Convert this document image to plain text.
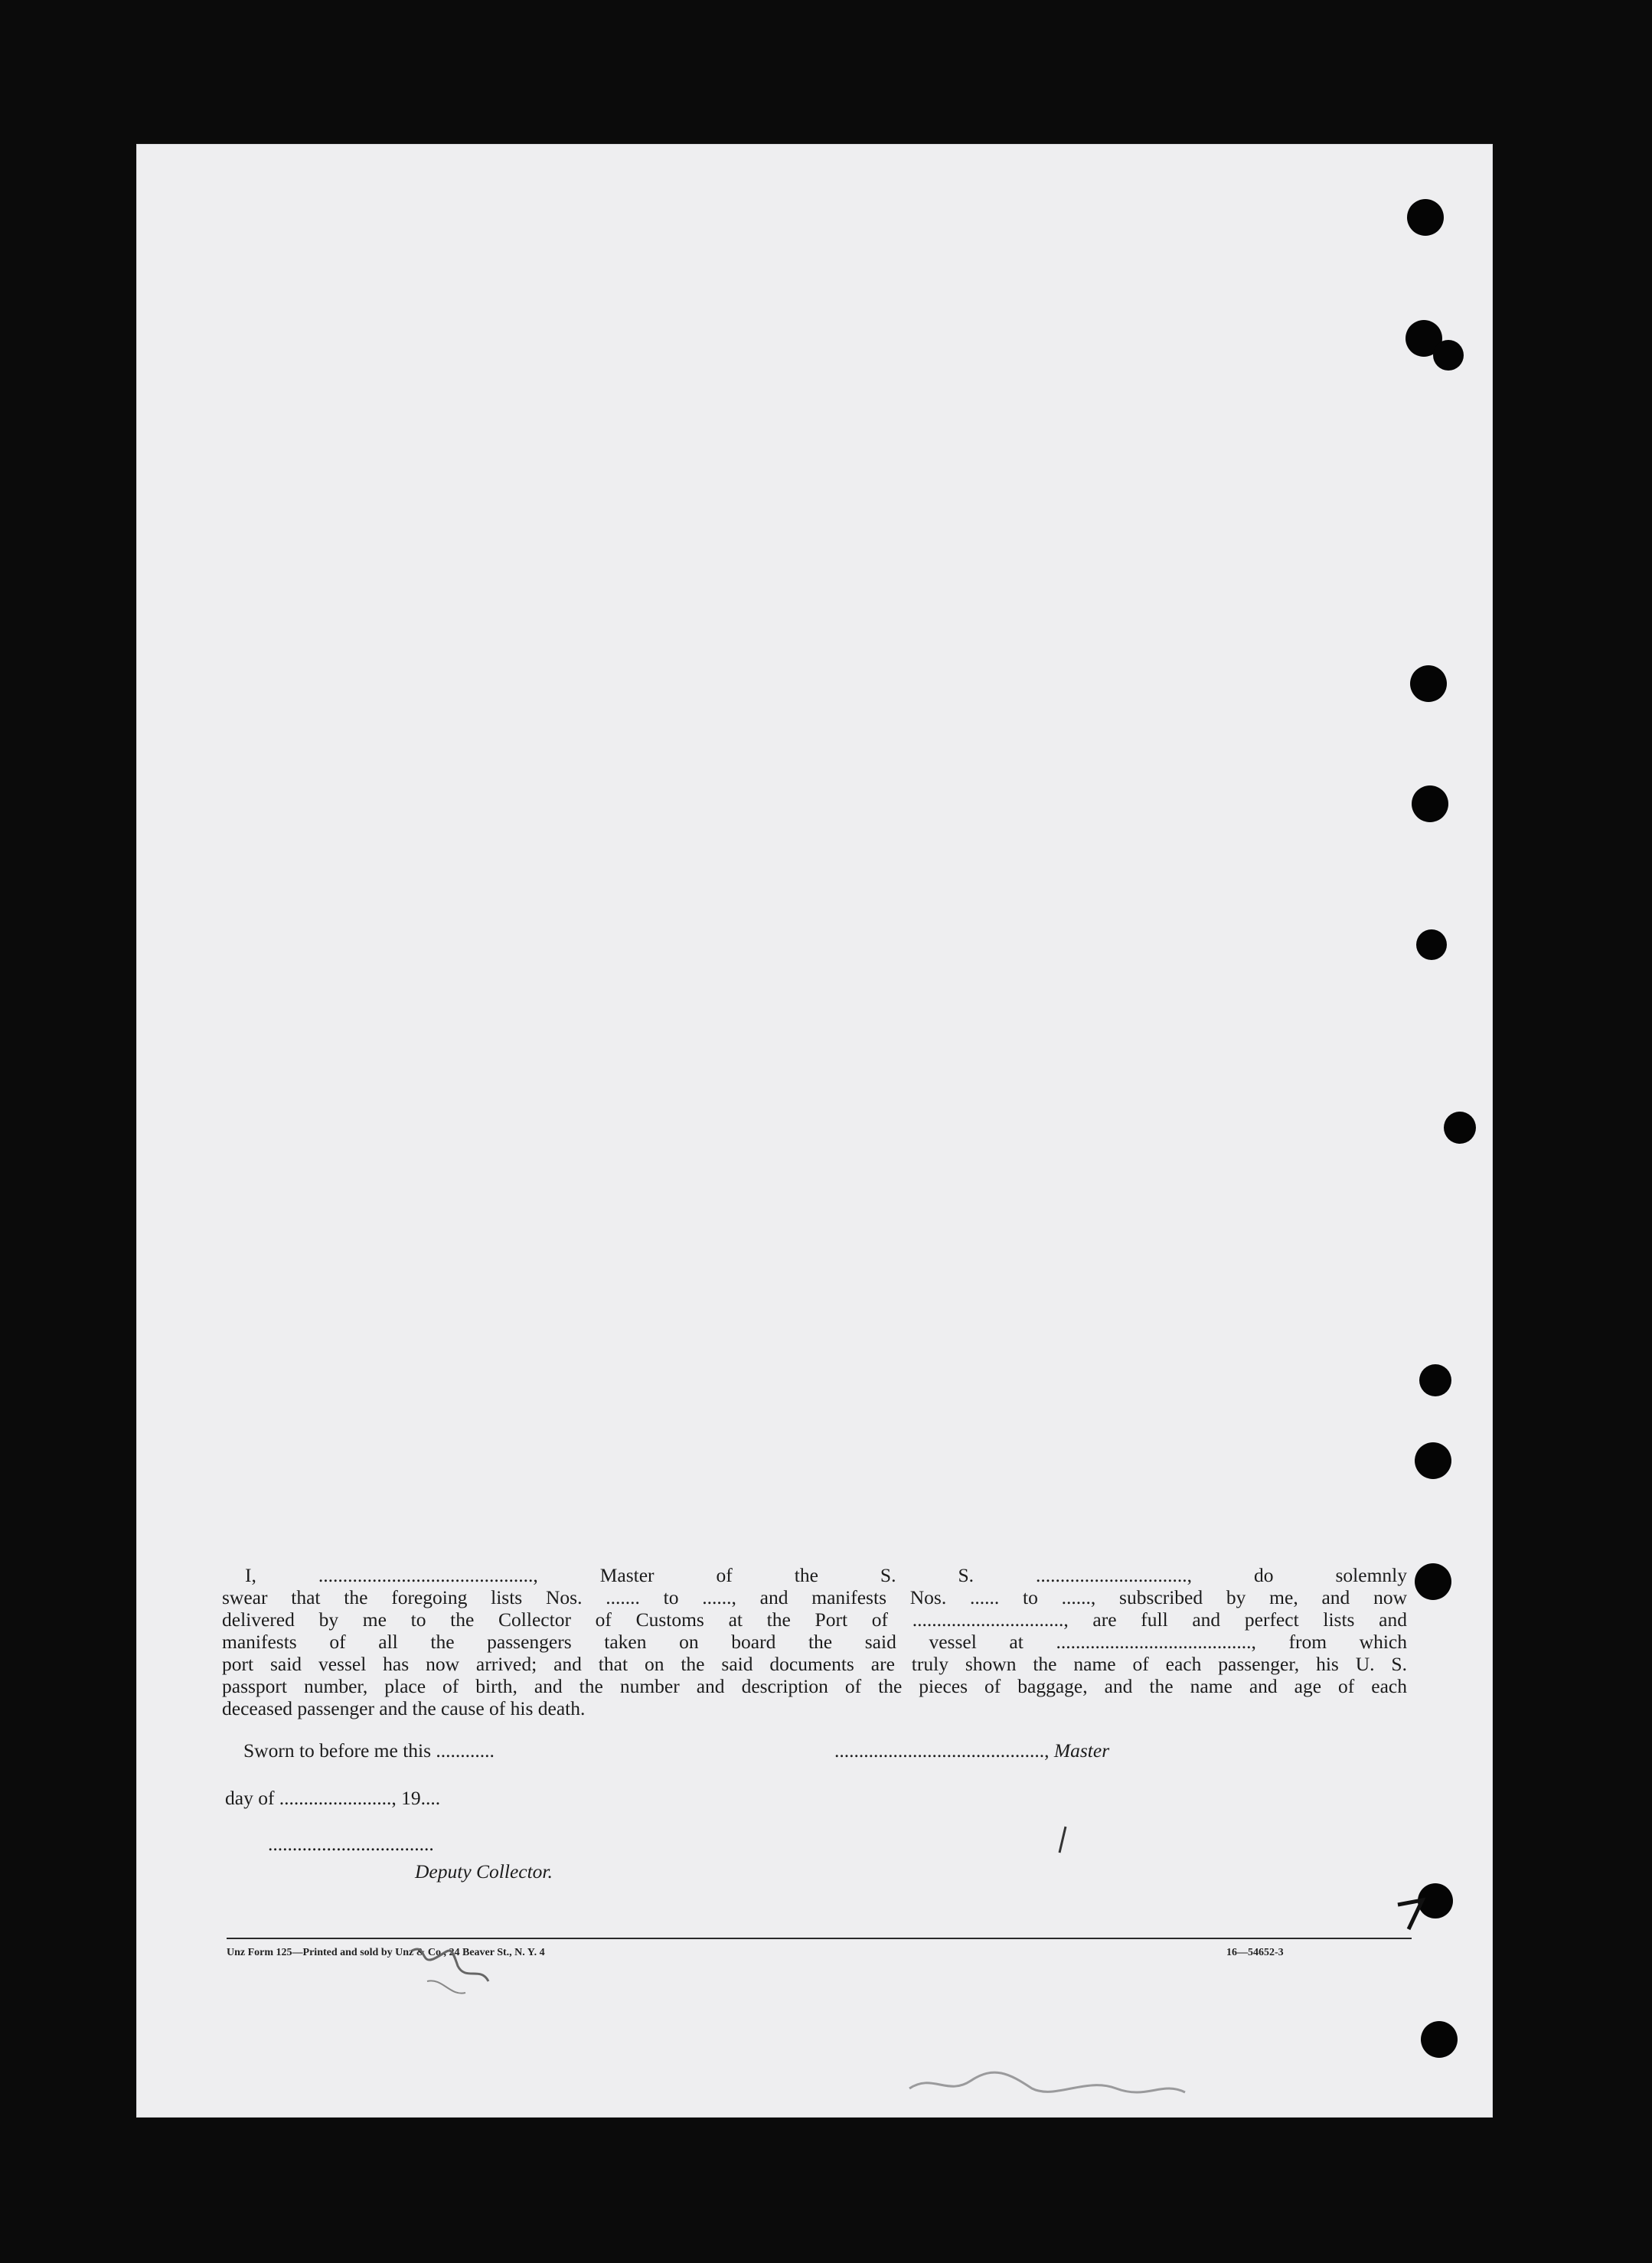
I, ............................................, Master of the S. S. ..............................., do solemnly
swear that the foregoing lists Nos. ....... to ......, and manifests Nos. ...... to ......, subscribed by me, and now
delivered by me to the Collector of Customs at the Port of ..............................., are full and perfect lists and
manifests of all the passengers taken on board the said vessel at ........................................, from which
port said vessel has now arrived; and that on the said documents are truly shown the name of each passenger, his U. S.
passport number, place of birth, and the number and description of the pieces of baggage, and the name and age of each
deceased passenger and the cause of his death.
Sworn to before me this ............	..........................................., Master
day of ......................., 19....
..................................
Deputy Collector.
Unz Form 125—Printed and sold by Unz & Co., 24 Beaver St., N. Y. 4	16—54652-3
